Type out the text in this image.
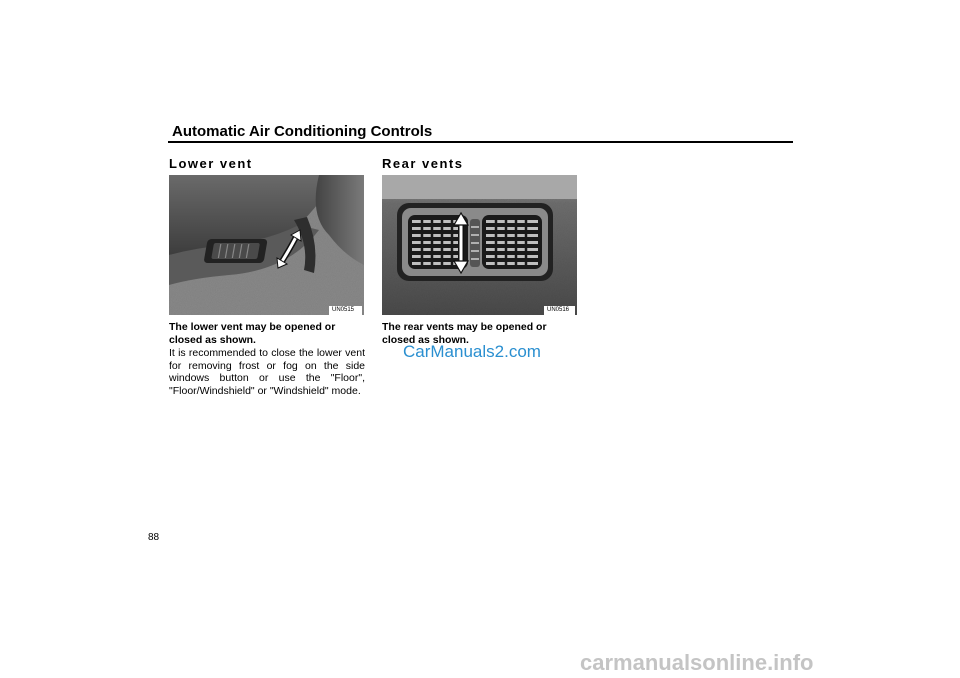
Automatic Air Conditioning Controls
Lower vent
UN0515
The lower vent may be opened or closed as shown.
It is recommended to close the lower vent for removing frost or fog on the side windows button or use the "Floor", "Floor/Windshield" or "Windshield" mode.
Rear vents
UN0516
The rear vents may be opened or closed as shown.
CarManuals2.com
carmanualsonline.info
88
